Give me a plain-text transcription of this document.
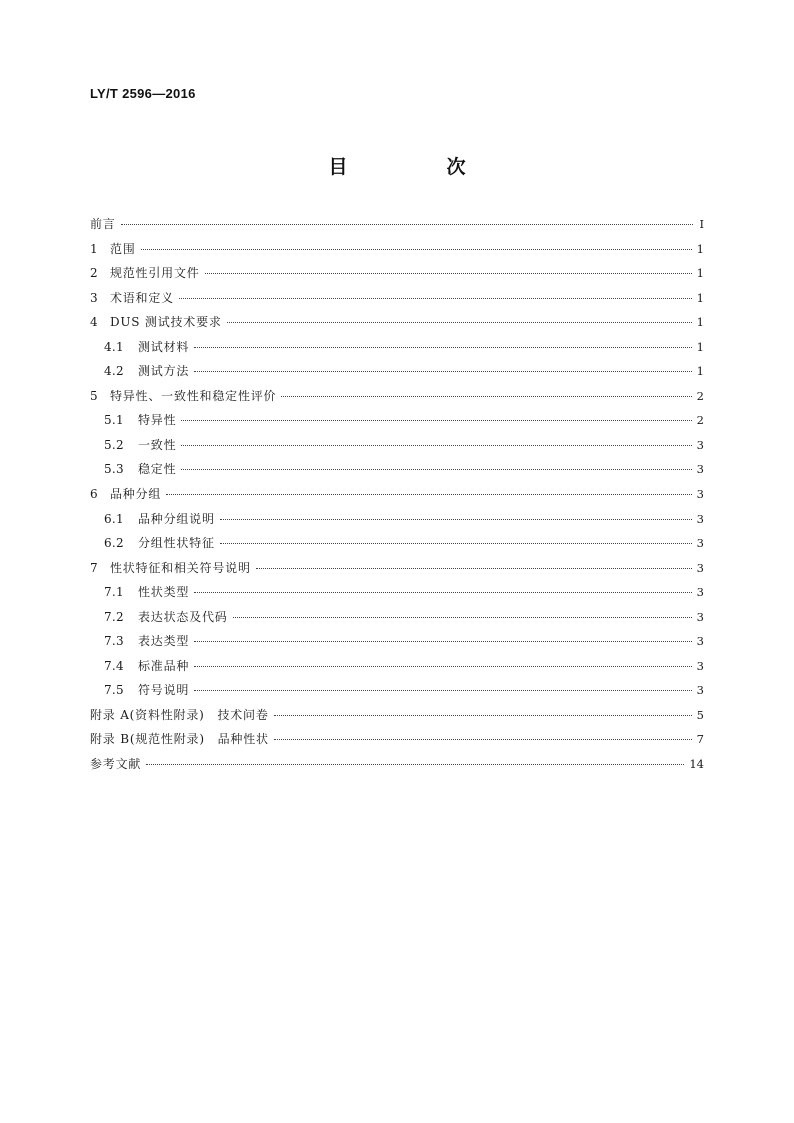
LY/T 2596—2016
目　次
前言	Ⅰ
1 范围	1
2 规范性引用文件	1
3 术语和定义	1
4 DUS 测试技术要求	1
4.1 测试材料	1
4.2 测试方法	1
5 特异性、一致性和稳定性评价	2
5.1 特异性	2
5.2 一致性	3
5.3 稳定性	3
6 品种分组	3
6.1 品种分组说明	3
6.2 分组性状特征	3
7 性状特征和相关符号说明	3
7.1 性状类型	3
7.2 表达状态及代码	3
7.3 表达类型	3
7.4 标准品种	3
7.5 符号说明	3
附录 A(资料性附录)　技术问卷	5
附录 B(规范性附录)　品种性状	7
参考文献	14
